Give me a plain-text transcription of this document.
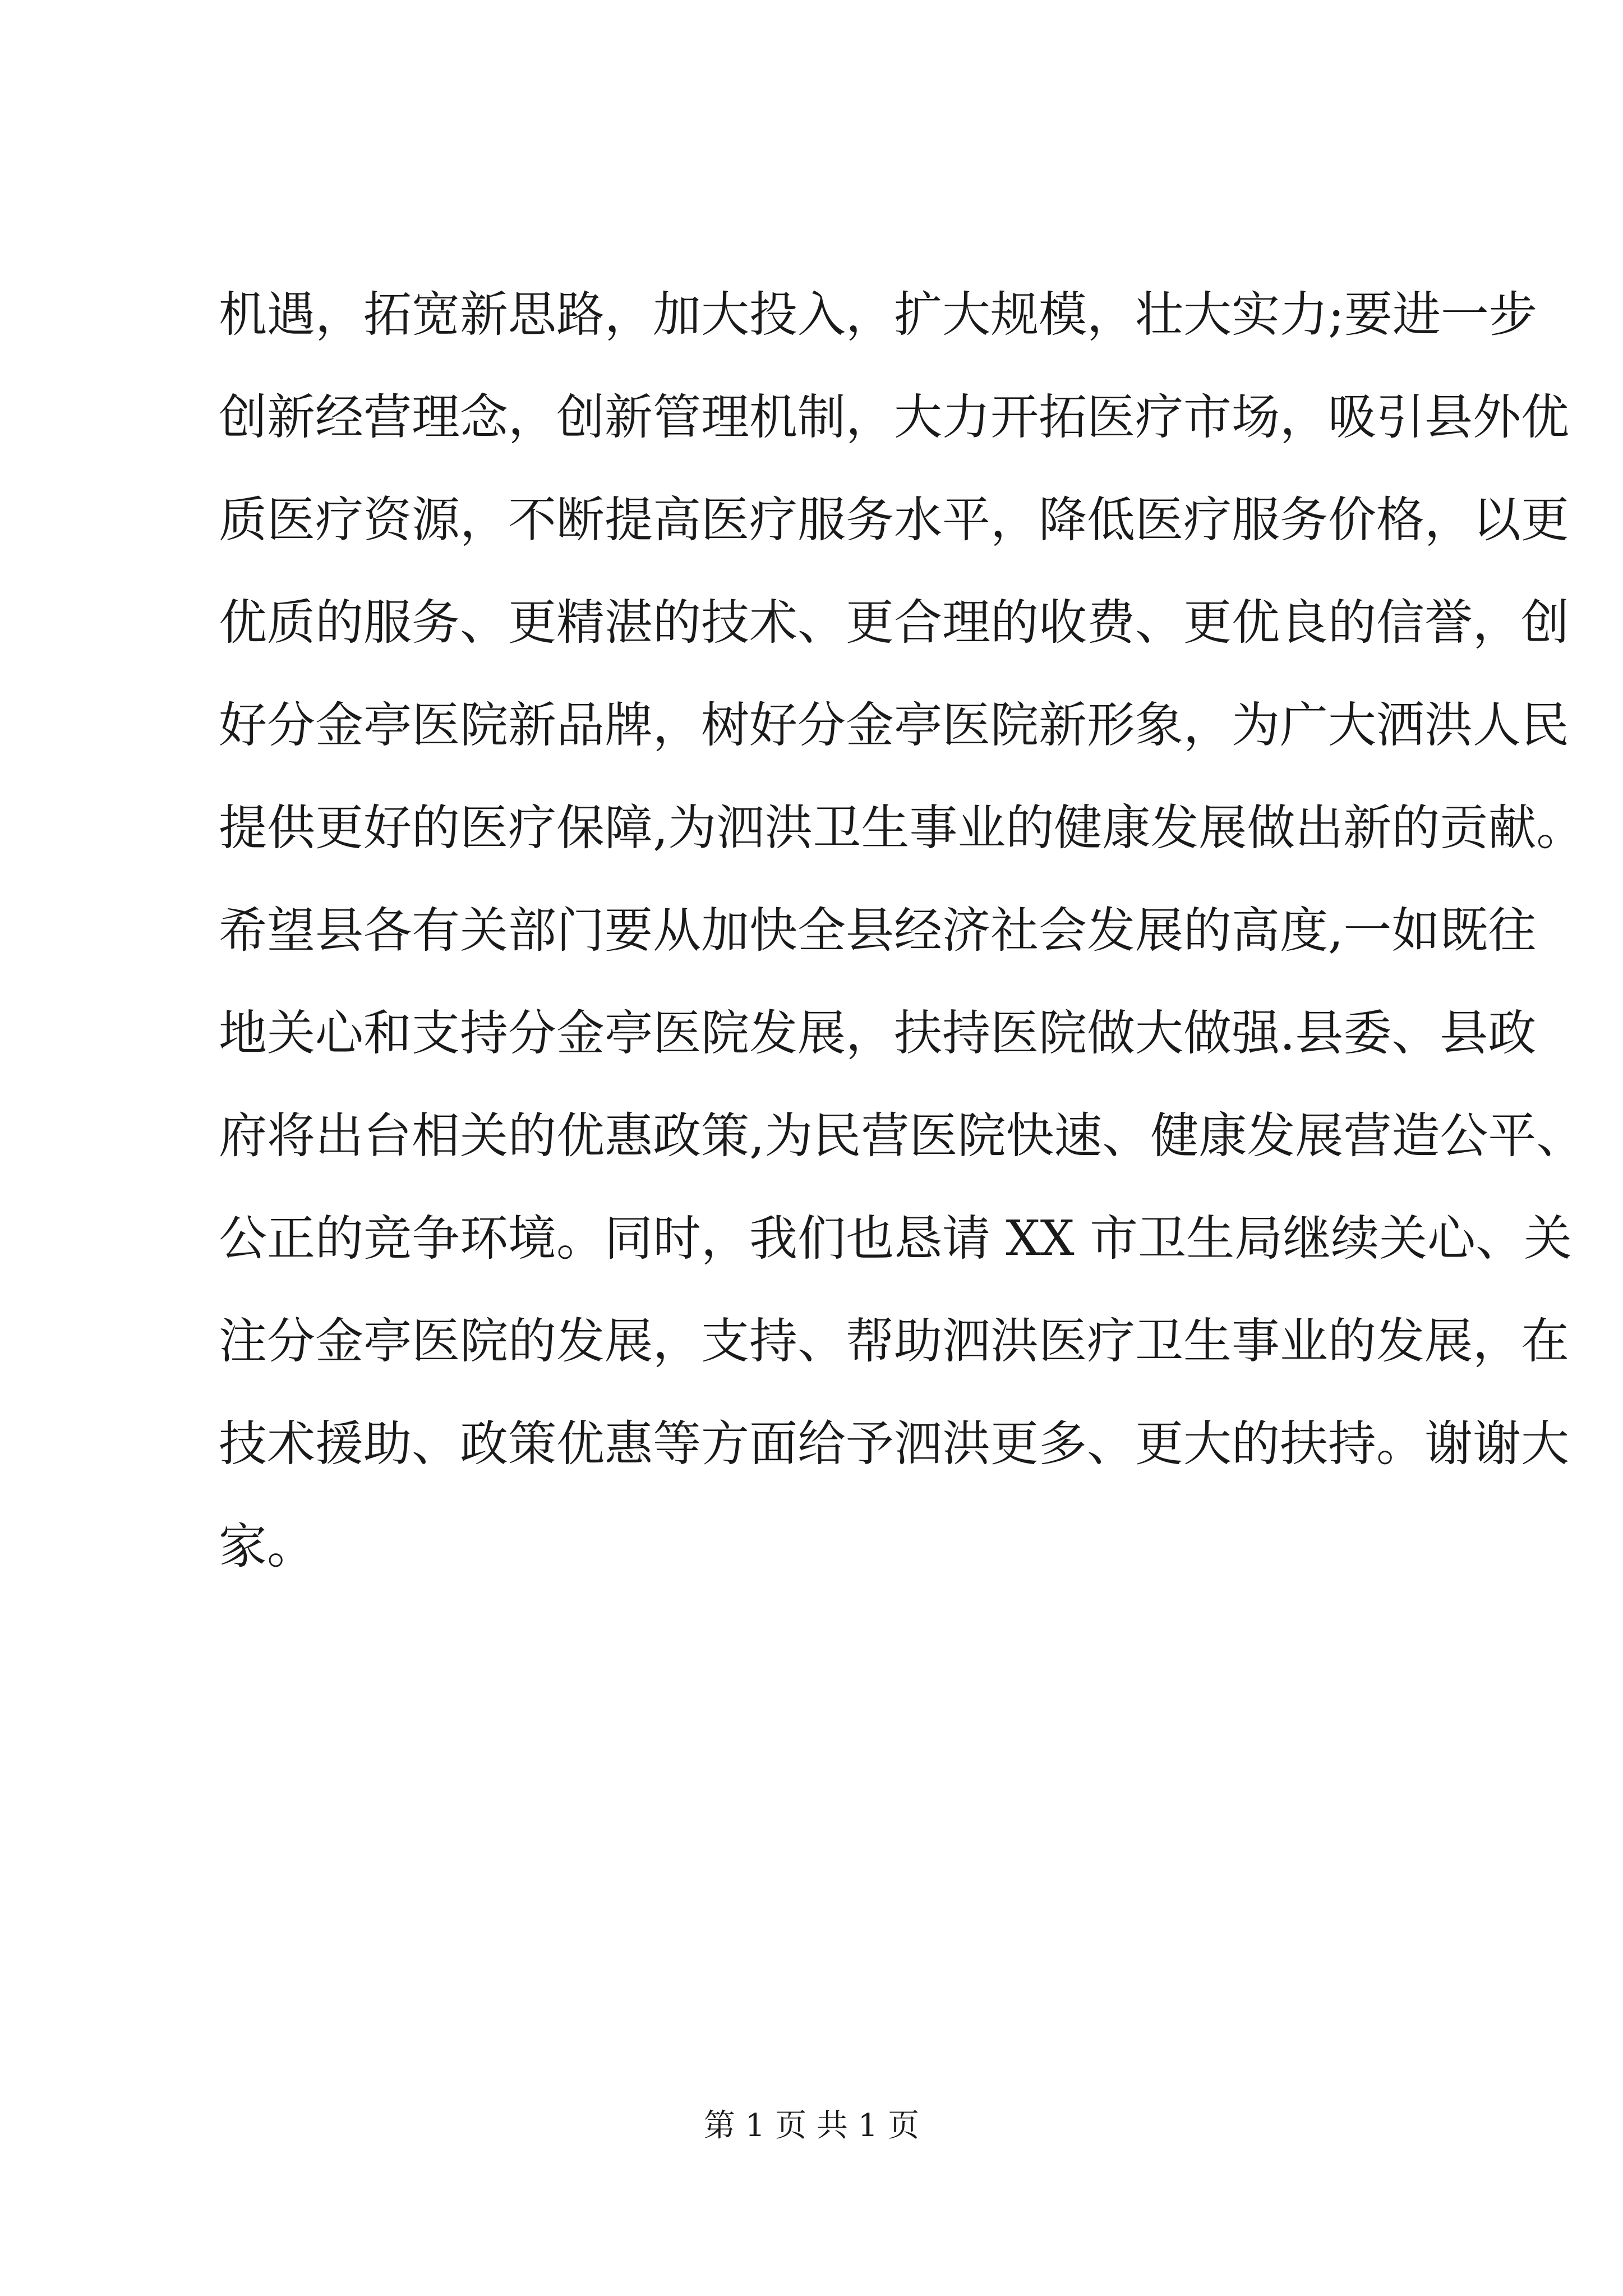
机遇，拓宽新思路，加大投入，扩大规模，壮大实力;要进一步
创新经营理念，创新管理机制，大力开拓医疗市场，吸引县外优
质医疗资源，不断提高医疗服务水平，降低医疗服务价格，以更
优质的服务、更精湛的技术、更合理的收费、更优良的信誉，创
好分金亭医院新品牌，树好分金亭医院新形象，为广大洒洪人民
提供更好的医疗保障,为泗洪卫生事业的健康发展做出新的贡献。
希望县各有关部门要从加快全县经济社会发展的高度,一如既往
地关心和支持分金亭医院发展，扶持医院做大做强.县委、县政
府将出台相关的优惠政策,为民营医院快速、健康发展营造公平、
公正的竞争环境。同时，我们也恳请 XX 市卫生局继续关心、关
注分金亭医院的发展，支持、帮助泗洪医疗卫生事业的发展，在
技术援助、政策优惠等方面给予泗洪更多、更大的扶持。谢谢大
家。
第 1 页 共 1 页
